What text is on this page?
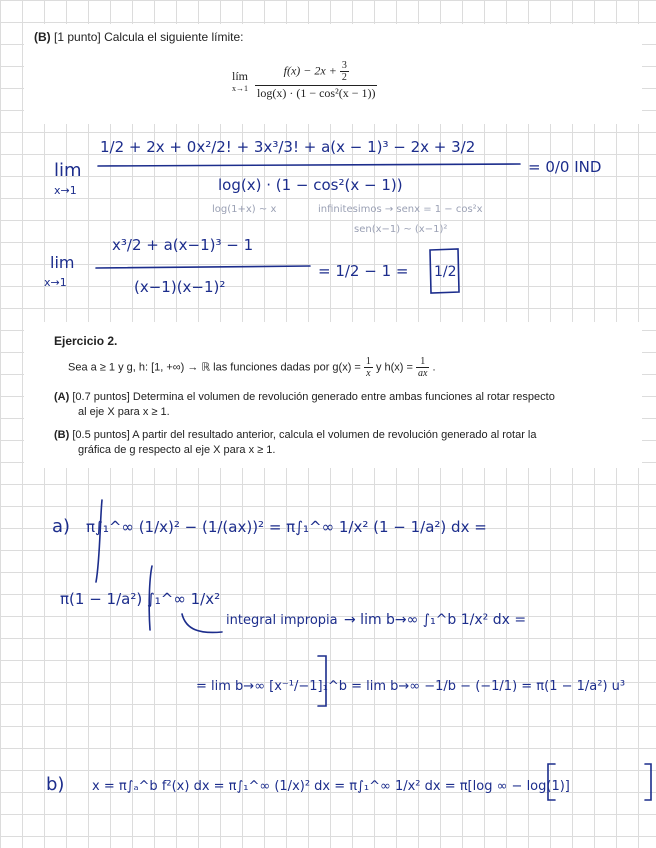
(B) [1 punto] Calcula el siguiente límite:
lím
x→1
$\frac{f(x) - 2x + \frac{3}{2}}{\text{log(x) · (1 − cos²(x − 1))}}$
Ejercicio 2.
Sea a ≥ 1 y g, h: [1, +∞) → ℝ las funciones dadas por $g(x) = \frac{1}{x}$ y $h(x) = \frac{1}{ax}$ .
(A) [0.7 puntos] Determina el volumen de revolución generado entre ambas funciones al rotar respecto
al eje X para x ≥ 1.
(B) [0.5 puntos] A partir del resultado anterior, calcula el volumen de revolución generado al rotar la
gráfica de g respecto al eje X para x ≥ 1.
lim
x→1
1/2 + 2x + 0x²/2! + 3x³/3! + a(x − 1)³ − 2x + 3/2
log(x) · (1 − cos²(x − 1))
= 0/0 IND
log(1+x) ~ x	infinitesimos → senx = 1 − cos²x
sen(x−1) ~ (x−1)²
lim
x→1
x³/2 + a(x−1)³ − 1
(x−1)(x−1)²
= 1/2 − 1 = 1/2
a) π∫₁^∞ (1/x)² − (1/(ax))² = π∫₁^∞ 1/x² (1 − 1/a²) dx =
π(1 − 1/a²) ∫₁^∞ 1/x²
integral impropia → lim b→∞ ∫₁^b 1/x² dx =
= lim b→∞ [x⁻¹/−1]₁^b = lim b→∞ −1/b − (−1/1) = π(1 − 1/a²) u³
b) x = π∫ₐ^b f²(x) dx = π∫₁^∞ (1/x)² dx = π∫₁^∞ 1/x² dx = π[log ∞ − log(1)]
